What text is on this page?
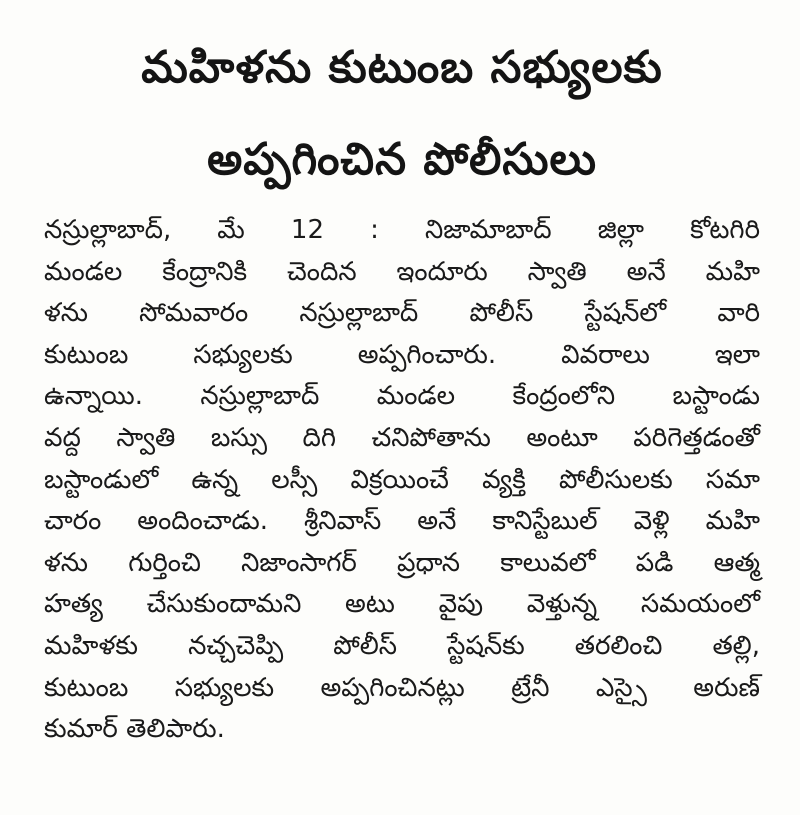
మహిళను కుటుంబ సభ్యులకు
అప్పగించిన పోలీసులు
నస్రుల్లాబాద్, మే 12 : నిజామాబాద్ జిల్లా కోటగిరి
మండల కేంద్రానికి చెందిన ఇందూరు స్వాతి అనే మహి
ళను సోమవారం నస్రుల్లాబాద్ పోలీస్ స్టేషన్‌లో వారి
కుటుంబ సభ్యులకు అప్పగించారు. వివరాలు ఇలా
ఉన్నాయి. నస్రుల్లాబాద్ మండల కేంద్రంలోని బస్టాండు
వద్ద స్వాతి బస్సు దిగి చనిపోతాను అంటూ పరిగెత్తడంతో
బస్టాండులో ఉన్న లస్సీ విక్రయించే వ్యక్తి పోలీసులకు సమా
చారం అందించాడు. శ్రీనివాస్ అనే కానిస్టేబుల్ వెళ్లి మహి
ళను గుర్తించి నిజాంసాగర్ ప్రధాన కాలువలో పడి ఆత్మ
హత్య చేసుకుందామని అటు వైపు వెళ్తున్న సమయంలో
మహిళకు నచ్చచెప్పి పోలీస్ స్టేషన్‌కు తరలించి తల్లి,
కుటుంబ సభ్యులకు అప్పగించినట్లు ట్రేనీ ఎస్సై అరుణ్
కుమార్ తెలిపారు.
